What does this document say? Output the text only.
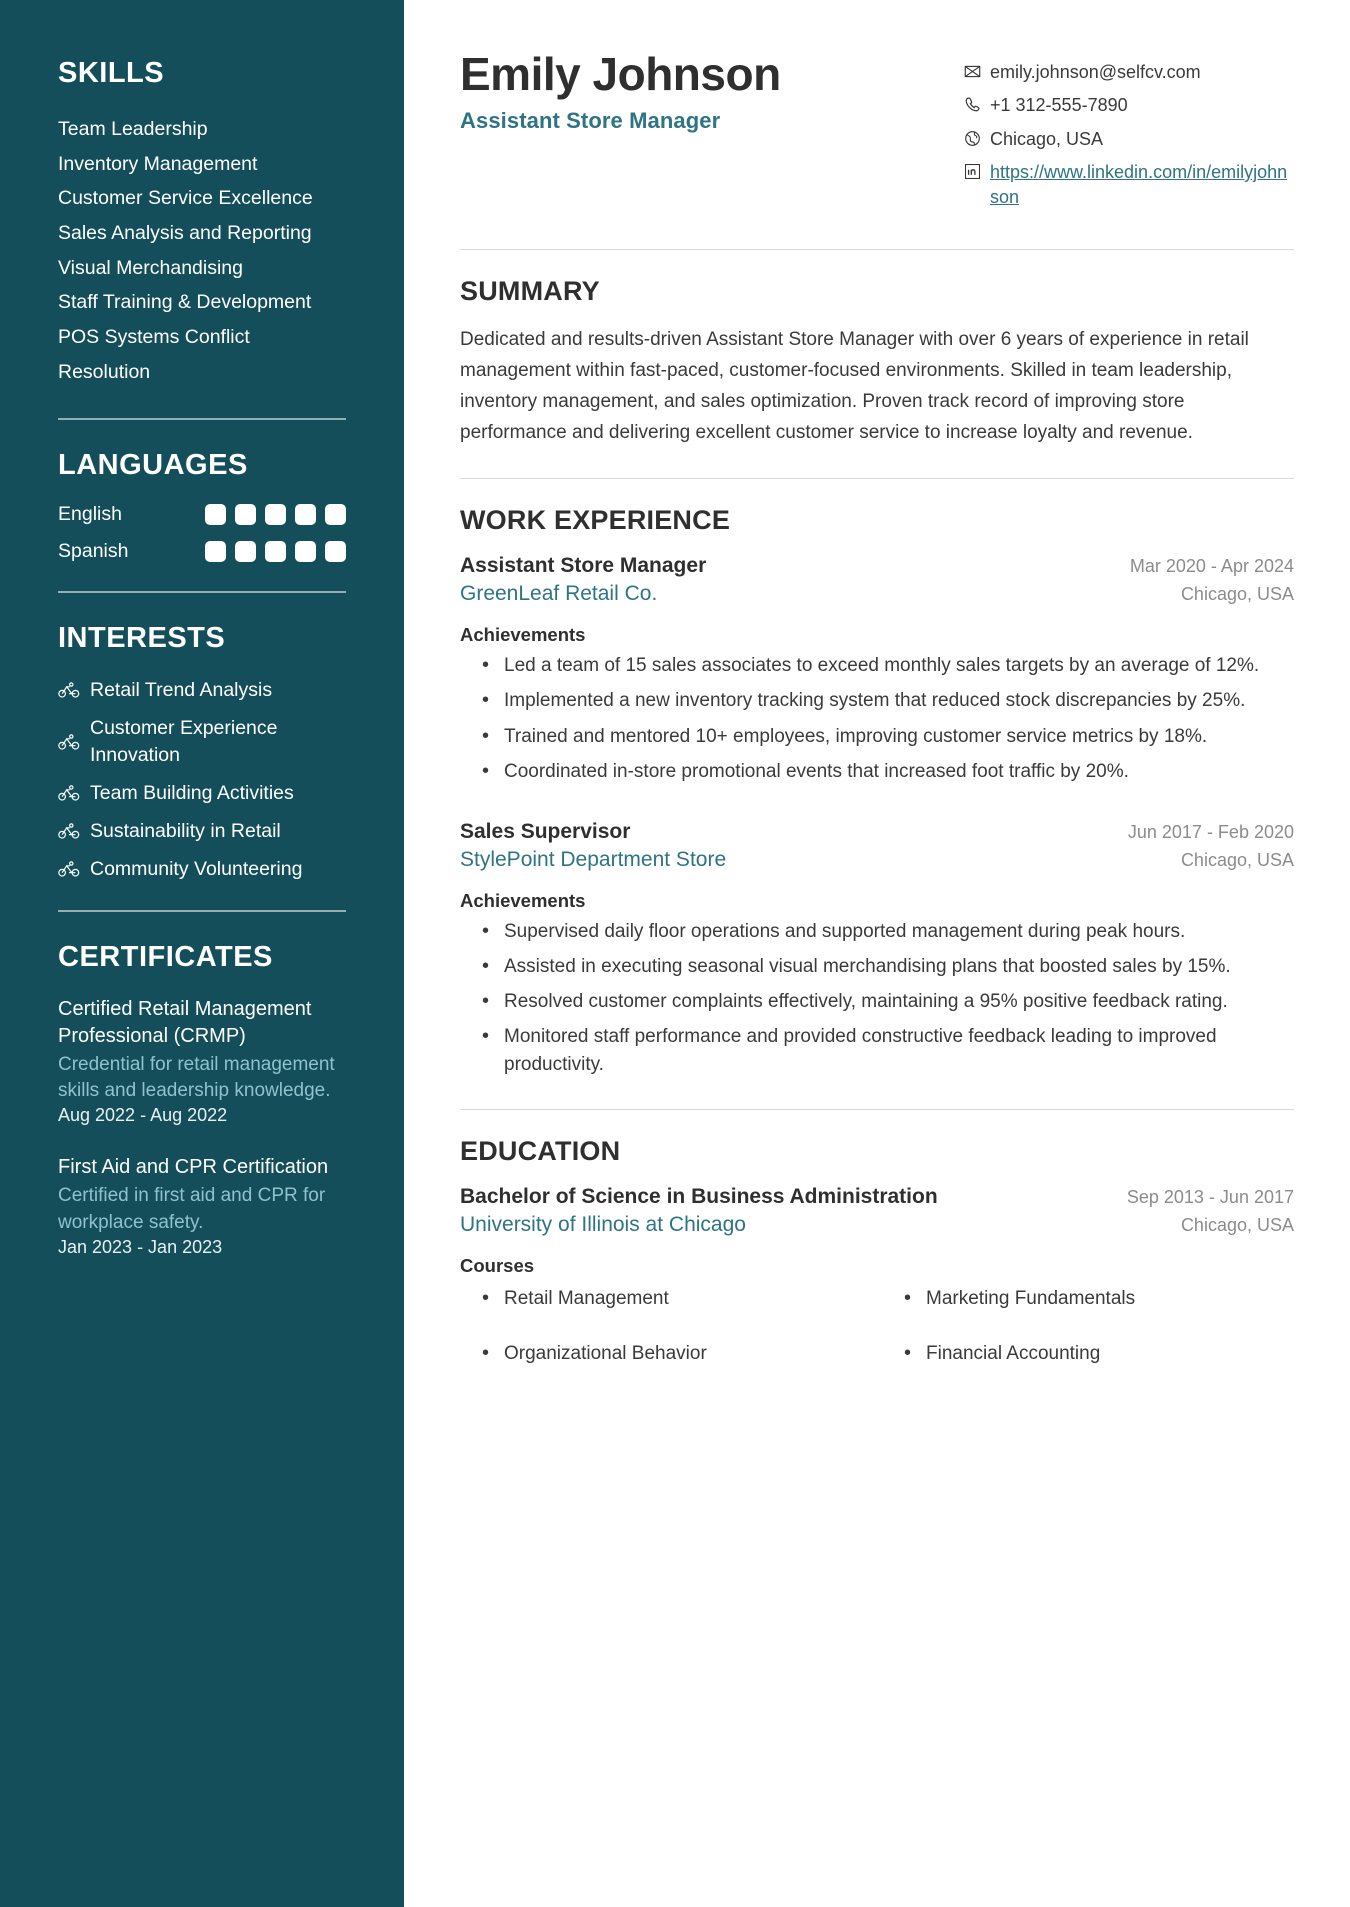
SKILLS
Team Leadership
Inventory Management
Customer Service Excellence
Sales Analysis and Reporting
Visual Merchandising
Staff Training & Development
POS Systems Conflict Resolution
LANGUAGES
English
Spanish
INTERESTS
Retail Trend Analysis
Customer Experience Innovation
Team Building Activities
Sustainability in Retail
Community Volunteering
CERTIFICATES
Certified Retail Management Professional (CRMP)
Credential for retail management skills and leadership knowledge.
Aug 2022 - Aug 2022
First Aid and CPR Certification
Certified in first aid and CPR for workplace safety.
Jan 2023 - Jan 2023
Emily Johnson
Assistant Store Manager
emily.johnson@selfcv.com
+1 312-555-7890
Chicago, USA
https://www.linkedin.com/in/emilyjohnson
SUMMARY

Dedicated and results-driven Assistant Store Manager with over 6 years of experience in retail management within fast-paced, customer-focused environments. Skilled in team leadership, inventory management, and sales optimization. Proven track record of improving store performance and delivering excellent customer service to increase loyalty and revenue.

WORK EXPERIENCE
Assistant Store Manager	Mar 2020 - Apr 2024
GreenLeaf Retail Co.	Chicago, USA
Achievements
• Led a team of 15 sales associates to exceed monthly sales targets by an average of 12%.
• Implemented a new inventory tracking system that reduced stock discrepancies by 25%.
• Trained and mentored 10+ employees, improving customer service metrics by 18%.
• Coordinated in-store promotional events that increased foot traffic by 20%.
Sales Supervisor	Jun 2017 - Feb 2020
StylePoint Department Store	Chicago, USA
Achievements
• Supervised daily floor operations and supported management during peak hours.
• Assisted in executing seasonal visual merchandising plans that boosted sales by 15%.
• Resolved customer complaints effectively, maintaining a 95% positive feedback rating.
• Monitored staff performance and provided constructive feedback leading to improved productivity.
EDUCATION
Bachelor of Science in Business Administration	Sep 2013 - Jun 2017
University of Illinois at Chicago	Chicago, USA
Courses
• Retail Management	• Marketing Fundamentals
• Organizational Behavior	• Financial Accounting
